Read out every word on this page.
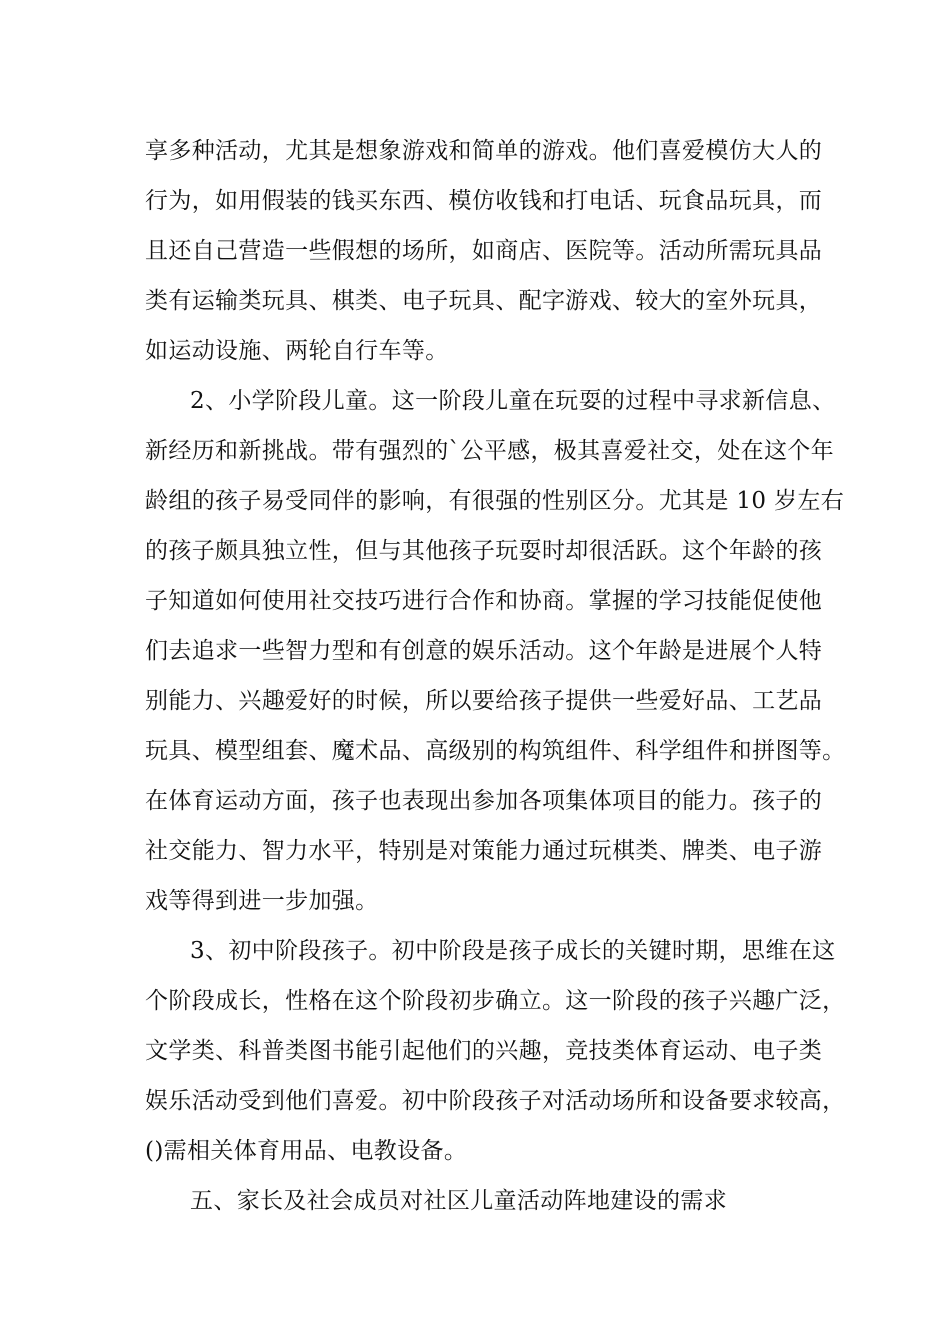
享多种活动，尤其是想象游戏和简单的游戏。他们喜爱模仿大人的

行为，如用假装的钱买东西、模仿收钱和打电话、玩食品玩具，而

且还自己营造一些假想的场所，如商店、医院等。活动所需玩具品

类有运输类玩具、棋类、电子玩具、配字游戏、较大的室外玩具，

如运动设施、两轮自行车等。

2、小学阶段儿童。这一阶段儿童在玩耍的过程中寻求新信息、

新经历和新挑战。带有强烈的`公平感，极其喜爱社交，处在这个年

龄组的孩子易受同伴的影响，有很强的性别区分。尤其是 10 岁左右

的孩子颇具独立性，但与其他孩子玩耍时却很活跃。这个年龄的孩

子知道如何使用社交技巧进行合作和协商。掌握的学习技能促使他

们去追求一些智力型和有创意的娱乐活动。这个年龄是进展个人特

别能力、兴趣爱好的时候，所以要给孩子提供一些爱好品、工艺品

玩具、模型组套、魔术品、高级别的构筑组件、科学组件和拼图等。

在体育运动方面，孩子也表现出参加各项集体项目的能力。孩子的

社交能力、智力水平，特别是对策能力通过玩棋类、牌类、电子游

戏等得到进一步加强。

3、初中阶段孩子。初中阶段是孩子成长的关键时期，思维在这

个阶段成长，性格在这个阶段初步确立。这一阶段的孩子兴趣广泛，

文学类、科普类图书能引起他们的兴趣，竞技类体育运动、电子类

娱乐活动受到他们喜爱。初中阶段孩子对活动场所和设备要求较高，

()需相关体育用品、电教设备。

五、家长及社会成员对社区儿童活动阵地建设的需求
